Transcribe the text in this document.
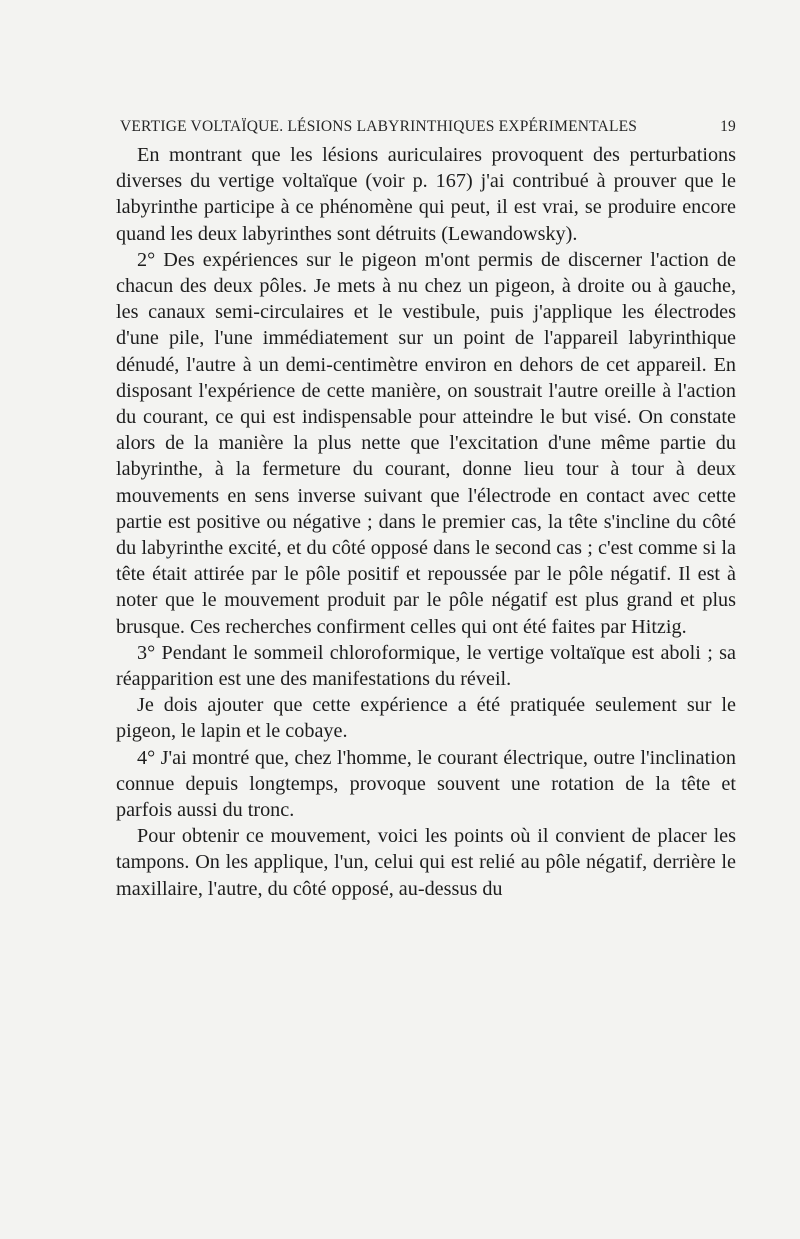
VERTIGE VOLTAÏQUE. LÉSIONS LABYRINTHIQUES EXPÉRIMENTALES	19

En montrant que les lésions auriculaires provoquent des perturbations diverses du vertige voltaïque (voir p. 167) j'ai contribué à prouver que le labyrinthe participe à ce phénomène qui peut, il est vrai, se produire encore quand les deux labyrinthes sont détruits (Lewandowsky).

2° Des expériences sur le pigeon m'ont permis de discerner l'action de chacun des deux pôles. Je mets à nu chez un pigeon, à droite ou à gauche, les canaux semi-circulaires et le vestibule, puis j'applique les électrodes d'une pile, l'une immédiatement sur un point de l'appareil labyrinthique dénudé, l'autre à un demi-centimètre environ en dehors de cet appareil. En disposant l'expérience de cette manière, on soustrait l'autre oreille à l'action du courant, ce qui est indispensable pour atteindre le but visé. On constate alors de la manière la plus nette que l'excitation d'une même partie du labyrinthe, à la fermeture du courant, donne lieu tour à tour à deux mouvements en sens inverse suivant que l'électrode en contact avec cette partie est positive ou négative ; dans le premier cas, la tête s'incline du côté du labyrinthe excité, et du côté opposé dans le second cas ; c'est comme si la tête était attirée par le pôle positif et repoussée par le pôle négatif. Il est à noter que le mouvement produit par le pôle négatif est plus grand et plus brusque. Ces recherches confirment celles qui ont été faites par Hitzig.

3° Pendant le sommeil chloroformique, le vertige voltaïque est aboli ; sa réapparition est une des manifestations du réveil.

Je dois ajouter que cette expérience a été pratiquée seulement sur le pigeon, le lapin et le cobaye.

4° J'ai montré que, chez l'homme, le courant électrique, outre l'inclination connue depuis longtemps, provoque souvent une rotation de la tête et parfois aussi du tronc.

Pour obtenir ce mouvement, voici les points où il convient de placer les tampons. On les applique, l'un, celui qui est relié au pôle négatif, derrière le maxillaire, l'autre, du côté opposé, au-dessus du
